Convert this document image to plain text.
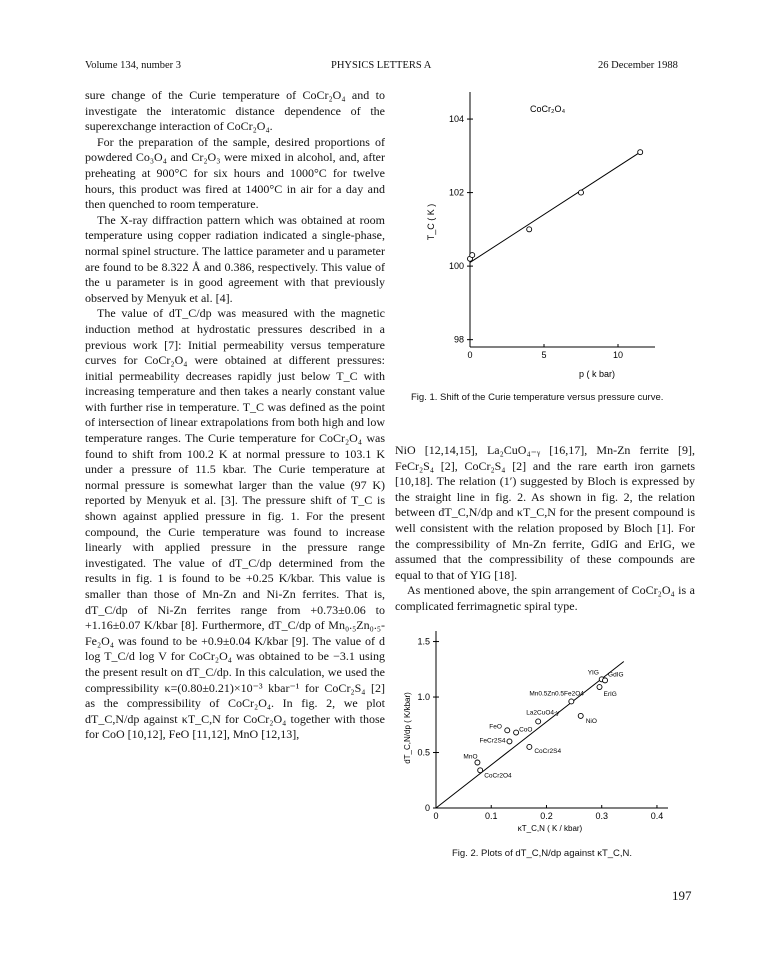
Volume 134, number 3	PHYSICS LETTERS A	26 December 1988

sure change of the Curie temperature of CoCr₂O₄ and to investigate the interatomic distance dependence of the superexchange interaction of CoCr₂O₄.

For the preparation of the sample, desired proportions of powdered Co₃O₄ and Cr₂O₃ were mixed in alcohol, and, after preheating at 900°C for six hours and 1000°C for twelve hours, this product was fired at 1400°C in air for a day and then quenched to room temperature.

The X-ray diffraction pattern which was obtained at room temperature using copper radiation indicated a single-phase, normal spinel structure. The lattice parameter and u parameter are found to be 8.322 Å and 0.386, respectively. This value of the u parameter is in good agreement with that previously observed by Menyuk et al. [4].

The value of dT_C/dp was measured with the magnetic induction method at hydrostatic pressures described in a previous work [7]: Initial permeability versus temperature curves for CoCr₂O₄ were obtained at different pressures: initial permeability decreases rapidly just below T_C with increasing temperature and then takes a nearly constant value with further rise in temperature. T_C was defined as the point of intersection of linear extrapolations from both high and low temperature ranges. The Curie temperature for CoCr₂O₄ was found to shift from 100.2 K at normal pressure to 103.1 K under a pressure of 11.5 kbar. The Curie temperature at normal pressure is somewhat larger than the value (97 K) reported by Menyuk et al. [3]. The pressure shift of T_C is shown against applied pressure in fig. 1. For the present compound, the Curie temperature was found to increase linearly with applied pressure in the pressure range investigated. The value of dT_C/dp determined from the results in fig. 1 is found to be +0.25 K/kbar. This value is smaller than those of Mn-Zn and Ni-Zn ferrites. That is, dT_C/dp of Ni-Zn ferrites range from +0.73±0.06 to +1.16±0.07 K/kbar [8]. Furthermore, dT_C/dp of Mn₀.₅Zn₀.₅-Fe₂O₄ was found to be +0.9±0.04 K/kbar [9]. The value of d log T_C/d log V for CoCr₂O₄ was obtained to be −3.1 using the present result on dT_C/dp. In this calculation, we used the compressibility κ=(0.80±0.21)×10⁻³ kbar⁻¹ for CoCr₂S₄ [2] as the compressibility of CoCr₂O₄. In fig. 2, we plot dT_C,N/dp against κT_C,N for CoCr₂O₄ together with those for CoO [10,12], FeO [11,12], MnO [12,13],

98
100
102
104
0	5	10
CoCr₂O₄
p ( k bar)
T_C ( K )
Fig. 1. Shift of the Curie temperature versus pressure curve.

NiO [12,14,15], La₂CuO₄₋ᵧ [16,17], Mn-Zn ferrite [9], FeCr₂S₄ [2], CoCr₂S₄ [2] and the rare earth iron garnets [10,18]. The relation (1′) suggested by Bloch is expressed by the straight line in fig. 2. As shown in fig. 2, the relation between dT_C,N/dp and κT_C,N for the present compound is well consistent with the relation proposed by Bloch [1]. For the compressibility of Mn-Zn ferrite, GdIG and ErIG, we assumed that the compressibility of these compounds are equal to that of YIG [18].

As mentioned above, the spin arrangement of CoCr₂O₄ is a complicated ferrimagnetic spiral type.

0
0.5
1.0
1.5
0	0.1	0.2	0.3	0.4
κT_C,N ( K / kbar)
dT_C,N/dp ( K/kbar)
YIG GdIG
ErIG
Mn0.5Zn0.5Fe2O4
NiO
La2CuO4-y
FeO	CoO
FeCr2S4
CoCr2S4
MnO
CoCr2O4
Fig. 2. Plots of dT_C,N/dp against κT_C,N.
197
